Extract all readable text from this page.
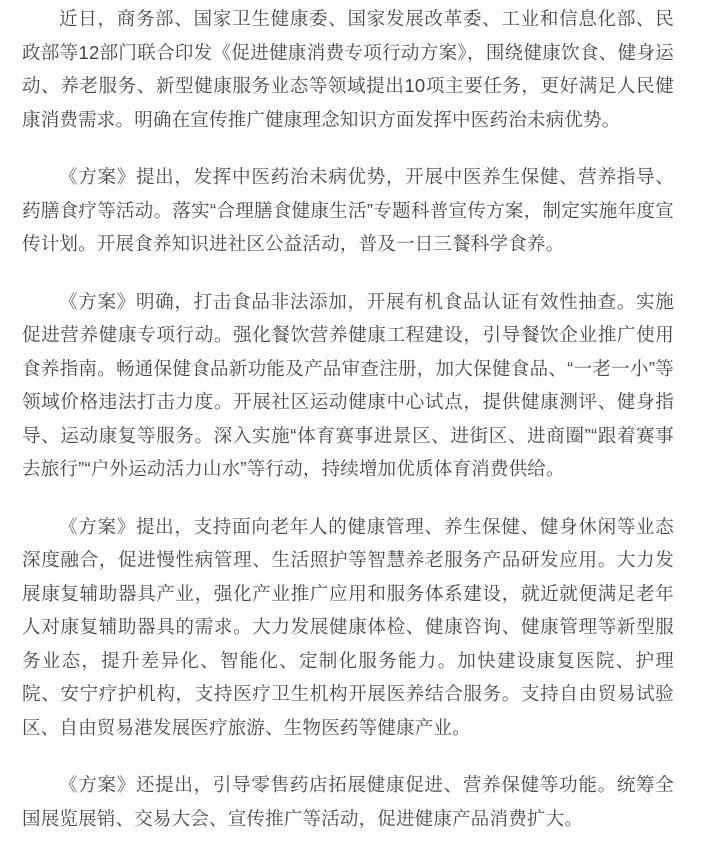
近日，商务部、国家卫生健康委、国家发展改革委、工业和信息化部、民政部等12部门联合印发《促进健康消费专项行动方案》，围绕健康饮食、健身运动、养老服务、新型健康服务业态等领域提出10项主要任务，更好满足人民健康消费需求。明确在宣传推广健康理念知识方面发挥中医药治未病优势。

《方案》提出，发挥中医药治未病优势，开展中医养生保健、营养指导、药膳食疗等活动。落实“合理膳食健康生活”专题科普宣传方案，制定实施年度宣传计划。开展食养知识进社区公益活动，普及一日三餐科学食养。

《方案》明确，打击食品非法添加，开展有机食品认证有效性抽查。实施促进营养健康专项行动。强化餐饮营养健康工程建设，引导餐饮企业推广使用食养指南。畅通保健食品新功能及产品审查注册，加大保健食品、“一老一小”等领域价格违法打击力度。开展社区运动健康中心试点，提供健康测评、健身指导、运动康复等服务。深入实施“体育赛事进景区、进街区、进商圈”“跟着赛事去旅行”“户外运动活力山水”等行动，持续增加优质体育消费供给。

《方案》提出，支持面向老年人的健康管理、养生保健、健身休闲等业态深度融合，促进慢性病管理、生活照护等智慧养老服务产品研发应用。大力发展康复辅助器具产业，强化产业推广应用和服务体系建设，就近就便满足老年人对康复辅助器具的需求。大力发展健康体检、健康咨询、健康管理等新型服务业态，提升差异化、智能化、定制化服务能力。加快建设康复医院、护理院、安宁疗护机构，支持医疗卫生机构开展医养结合服务。支持自由贸易试验区、自由贸易港发展医疗旅游、生物医药等健康产业。

《方案》还提出，引导零售药店拓展健康促进、营养保健等功能。统筹全国展览展销、交易大会、宣传推广等活动，促进健康产品消费扩大。
